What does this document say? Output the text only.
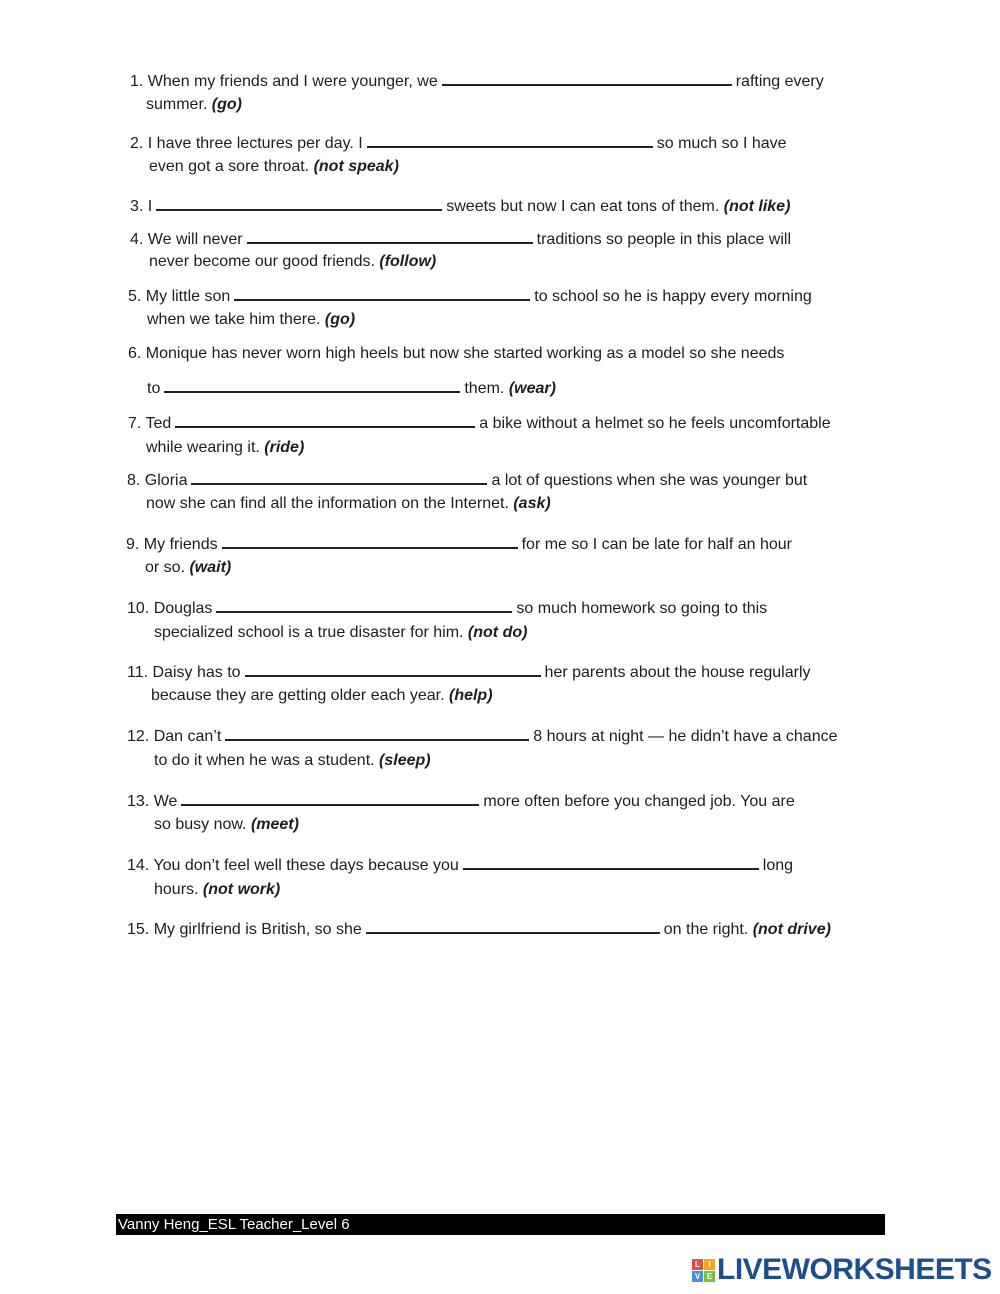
1. When my friends and I were younger, we	rafting every
summer. (go)
2. I have three lectures per day. I	so much so I have
even got a sore throat. (not speak)
3. I	sweets but now I can eat tons of them. (not like)
4. We will never	traditions so people in this place will
never become our good friends. (follow)
5. My little son	to school so he is happy every morning
when we take him there. (go)
6. Monique has never worn high heels but now she started working as a model so she needs
to	them. (wear)
7. Ted	a bike without a helmet so he feels uncomfortable
while wearing it. (ride)
8. Gloria	a lot of questions when she was younger but
now she can find all the information on the Internet. (ask)
9. My friends	for me so I can be late for half an hour
or so. (wait)
10. Douglas	so much homework so going to this
specialized school is a true disaster for him. (not do)
11. Daisy has to	her parents about the house regularly
because they are getting older each year. (help)
12. Dan can’t	8 hours at night — he didn’t have a chance
to do it when he was a student. (sleep)
13. We	more often before you changed job. You are
so busy now. (meet)
14. You don’t feel well these days because you	long
hours. (not work)
15. My girlfriend is British, so she	on the right. (not drive)
Vanny Heng_ESL Teacher_Level 6
L	I
V E LIVEWORKSHEETS
